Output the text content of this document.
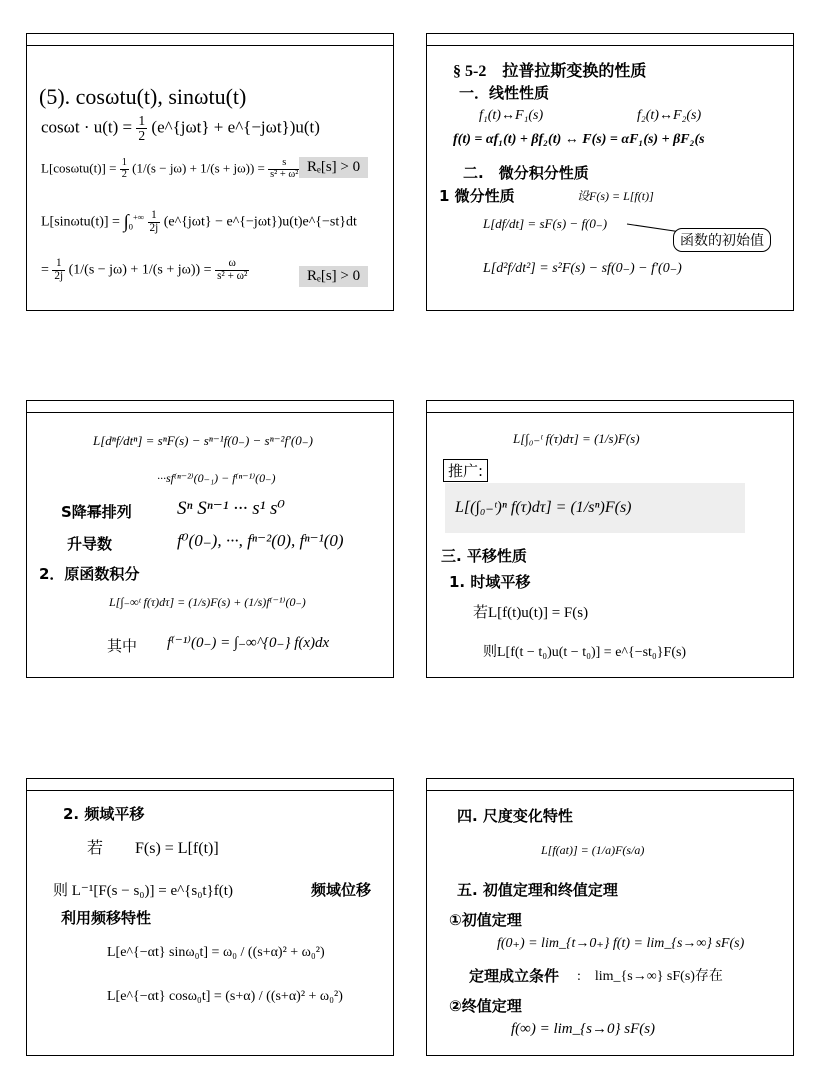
(5). cosωtu(t), sinωtu(t)
$\cos\omega t \cdot u(t) = \frac{1}{2}$ (e^{jωt} + e^{−jωt})u(t)
$L[\cos\omega tu(t)] = \frac{1}{2} (1/(s - j\omega) + 1/(s + j\omega)) = \frac{s}{\text{s² + ω²}} R_e[s] > 0$
$L[\sin\omega tu(t)] = \int_0^{+\infty} \frac{1}{2j}$ (e^{jωt} − e^{−jωt})u(t)e^{−st}dt
= $\frac{1}{2j} (1/(s - j\omega) + 1/(s + j\omega)) = \frac{\omega}{\text{s² + ω²}}$	Rₑ[s] > 0
§ 5-2　拉普拉斯变换的性质
一．线性性质
f₁(t)↔F₁(s)	f₂(t)↔F₂(s)
f(t) = αf₁(t) + βf₂(t) ↔ F(s) = αF₁(s) + βF₂(s
二.　微分积分性质
1 微分性质	设F(s) = L[f(t)]
L[df/dt] = sF(s) − f(0₋)
函数的初始值
L[d²f/dt²] = s²F(s) − sf(0₋) − f′(0₋)
L[dⁿf/dtⁿ] = sⁿF(s) − sⁿ⁻¹f(0₋) − sⁿ⁻²f′(0₋)
···sf⁽ⁿ⁻²⁾(0₋₁) − f⁽ⁿ⁻¹⁾(0₋)
S降幂排列 Sⁿ Sⁿ⁻¹ ··· s¹ s⁰
升导数	f⁰(0₋), ···, fⁿ⁻²(0), fⁿ⁻¹(0)
2．原函数积分
L[∫₋∞ᵗ f(τ)dτ] = (1/s)F(s) + (1/s)f⁽⁻¹⁾(0₋)
其中 f⁽⁻¹⁾(0₋) = ∫₋∞^{0₋} f(x)dx
L[∫₀₋ᵗ f(τ)dτ] = (1/s)F(s)
推广:
L[(∫₀₋ᵗ)ⁿ f(τ)dτ] = (1/sⁿ)F(s)
三. 平移性质
1. 时域平移
若L[f(t)u(t)] = F(s)
则L[f(t − t₀)u(t − t₀)] = e^{−st₀}F(s)
2. 频域平移
若　　F(s) = L[f(t)]
则 L⁻¹[F(s − s₀)] = e^{s₀t}f(t)	频域位移
利用频移特性
L[e^{−αt} sinω₀t] = ω₀ / ((s+α)² + ω₀²)
L[e^{−αt} cosω₀t] = (s+α) / ((s+α)² + ω₀²)
四. 尺度变化特性
L[f(at)] = (1/a)F(s/a)
五. 初值定理和终值定理
①初值定理
f(0₊) = lim_{t→0₊} f(t) = lim_{s→∞} sF(s)
定理成立条件 :　lim_{s→∞} sF(s)存在
②终值定理
f(∞) = lim_{s→0} sF(s)
